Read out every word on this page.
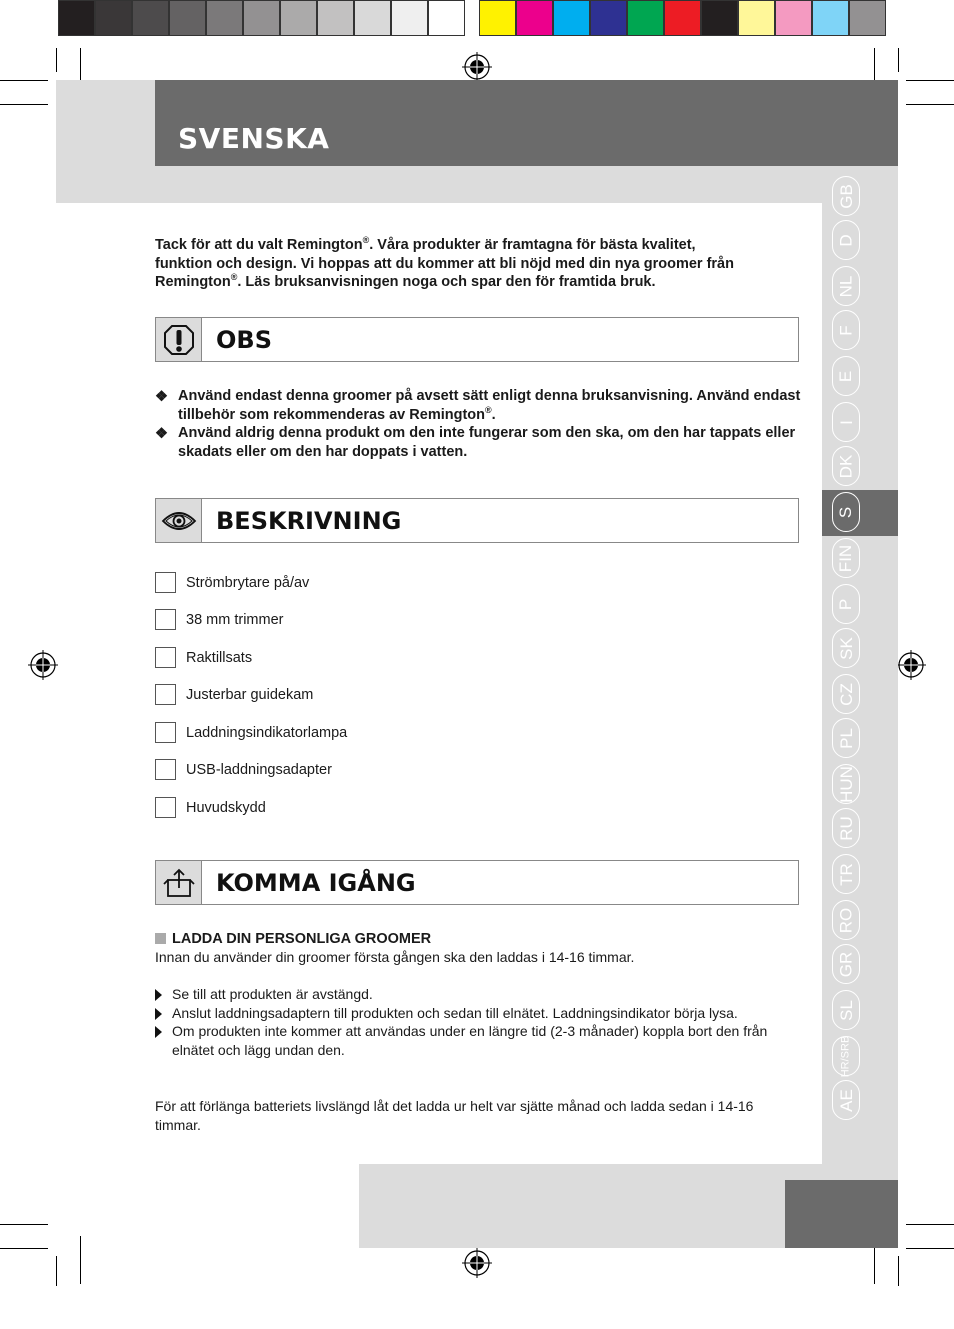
SVENSKA
GB
D
NL
F
E
I
DK
S
FIN
P
SK
CZ
PL
HUN
RU
TR
RO
GR
SL
HR/SRB
AE
Tack för att du valt Remington®. Våra produkter är framtagna för bästa kvalitet,
funktion och design. Vi hoppas att du kommer att bli nöjd med din nya groomer från
Remington®. Läs bruksanvisningen noga och spar den för framtida bruk.
OBS
❖ Använd endast denna groomer på avsett sätt enligt denna bruksanvisning. Använd endast tillbehör som rekommenderas av Remington®.
❖ Använd aldrig denna produkt om den inte fungerar som den ska, om den har tappats eller skadats eller om den har doppats i vatten.
BESKRIVNING
Strömbrytare på/av
38 mm trimmer
Raktillsats
Justerbar guidekam
Laddningsindikatorlampa
USB-laddningsadapter
Huvudskydd
KOMMA IGÅNG
LADDA DIN PERSONLIGA GROOMER
Innan du använder din groomer första gången ska den laddas i 14-16 timmar.
Se till att produkten är avstängd.
Anslut laddningsadaptern till produkten och sedan till elnätet. Laddningsindikator börja lysa.
Om produkten inte kommer att användas under en längre tid (2-3 månader) koppla bort den från elnätet och lägg undan den.
För att förlänga batteriets livslängd låt det ladda ur helt var sjätte månad och ladda sedan i 14-16 timmar.
